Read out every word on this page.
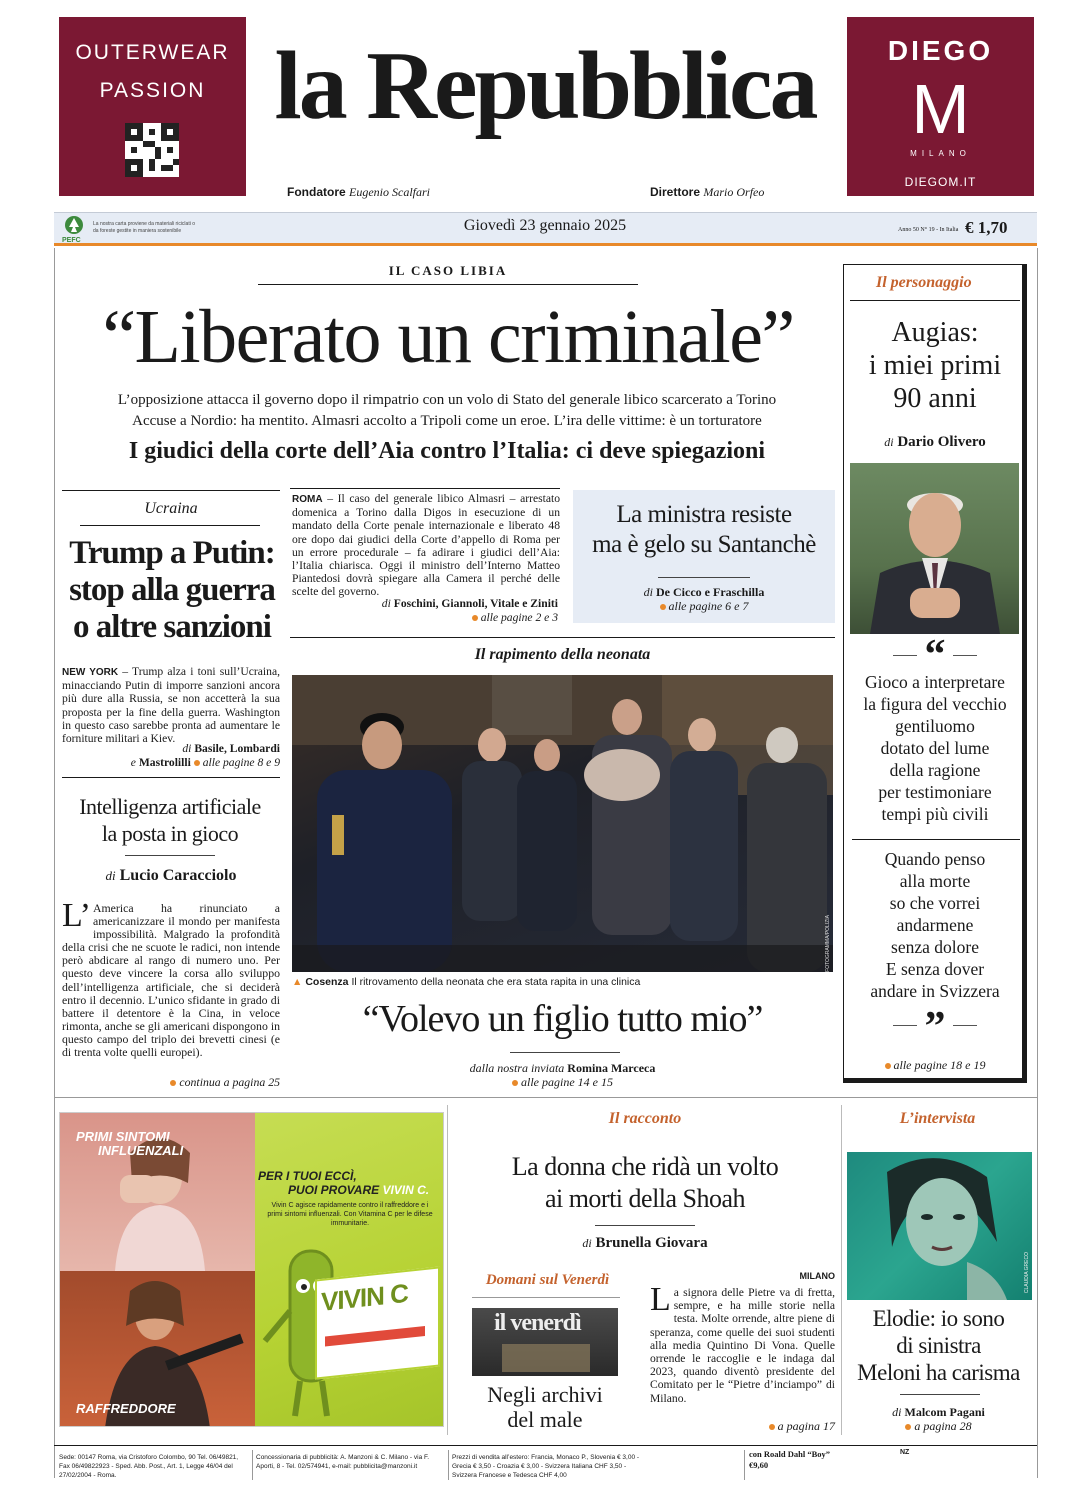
OUTERWEAR
PASSION la Repubblica
Fondatore Eugenio Scalfari	Direttore Mario Orfeo
DIEGO
M
MILANO
DIEGOM.IT
PEFC
La nostra carta proviene da materiali riciclati o da foreste gestite in maniera sostenibile	Giovedì 23 gennaio 2025	Anno 50 N° 19 - In Italia € 1,70
IL CASO LIBIA
“Liberato un criminale”
L’opposizione attacca il governo dopo il rimpatrio con un volo di Stato del generale libico scarcerato a Torino
Accuse a Nordio: ha mentito. Almasri accolto a Tripoli come un eroe. L’ira delle vittime: è un torturatore
I giudici della corte dell’Aia contro l’Italia: ci deve spiegazioni
ROMA – Il caso del generale libico Almasri – arrestato domenica a Torino dalla Digos in esecuzione di un mandato della Corte penale internazionale e liberato 48 ore dopo dai giudici della Corte d’appello di Roma per un errore procedurale – fa adirare i giudici dell’Aia: l’Italia chiarisca. Oggi il ministro dell’Interno Matteo Piantedosi dovrà spiegare alla Camera il perché delle scelte del governo.
di Foschini, Giannoli, Vitale e Ziniti
alle pagine 2 e 3
La ministra resiste
ma è gelo su Santanchè
di De Cicco e Fraschilla
alle pagine 6 e 7
Ucraina
Trump a Putin:
stop alla guerra
o altre sanzioni
NEW YORK – Trump alza i toni sull’Ucraina, minacciando Putin di imporre sanzioni ancora più dure alla Russia, se non accetterà la sua proposta per la fine della guerra. Washington in questo caso sarebbe pronta ad aumentare le forniture militari a Kiev.
di Basile, Lombardi
e Mastrolilli alle pagine 8 e 9
Intelligenza artificiale
la posta in gioco
di Lucio Caracciolo
L’ America ha rinunciato a americanizzare il mondo per manifesta impossibilità. Malgrado la profondità della crisi che ne scuote le radici, non intende però abdicare al rango di numero uno. Per questo deve vincere la corsa allo sviluppo dell’intelligenza artificiale, che si deciderà entro il decennio. L’unico sfidante in grado di battere il detentore è la Cina, in veloce rimonta, anche se gli americani dispongono in questo campo del triplo dei brevetti cinesi (e di trenta volte quelli europei).
continua a pagina 25
Il rapimento della neonata
FOTOGRAMMA/POLIZIA
▲ Cosenza Il ritrovamento della neonata che era stata rapita in una clinica
“Volevo un figlio tutto mio”
dalla nostra inviata Romina Marceca
alle pagine 14 e 15
Il personaggio
Augias:
i miei primi
90 anni
di Dario Olivero
“
Gioco a interpretare
la figura del vecchio
gentiluomo
dotato del lume
della ragione
per testimoniare
tempi più civili
Quando penso
alla morte
so che vorrei
andarmene
senza dolore
E senza dover
andare in Svizzera
”
alle pagine 18 e 19
PRIMI SINTOMI
INFLUENZALI
RAFFREDDORE
PER I TUOI ECCÌ,
PUOI PROVARE VIVIN C.
Vivin C agisce rapidamente contro il raffreddore e i primi sintomi influenzali. Con Vitamina C per le difese immunitarie.
VIVIN C
Il racconto
La donna che ridà un volto
ai morti della Shoah
di Brunella Giovara
MILANO
La signora delle Pietre va di fretta, sempre, e ha mille storie nella testa. Molte orrende, altre piene di speranza, come quelle dei suoi studenti alla media Quintino Di Vona. Quelle orrende le raccoglie e le indaga dal 2023, quando diventò presidente del Comitato per le “Pietre d’inciampo” di Milano.
a pagina 17
Domani sul Venerdì
il venerdì
Negli archivi
del male
L’intervista
CLAUDIA GRECO
Elodie: io sono
di sinistra
Meloni ha carisma
di Malcom Pagani
a pagina 28
Sede: 00147 Roma, via Cristoforo Colombo, 90 Tel. 06/49821, Fax 06/49822923 - Sped. Abb. Post., Art. 1, Legge 46/04 del 27/02/2004 - Roma.
Concessionaria di pubblicità: A. Manzoni & C. Milano - via F. Aporti, 8 - Tel. 02/574941, e-mail: pubblicita@manzoni.it
Prezzi di vendita all’estero: Francia, Monaco P., Slovenia € 3,00 - Grecia € 3,50 - Croazia € 3,00 - Svizzera Italiana CHF 3,50 - Svizzera Francese e Tedesca CHF 4,00
con Roald Dahl “Boy”
€9,60
NZ
